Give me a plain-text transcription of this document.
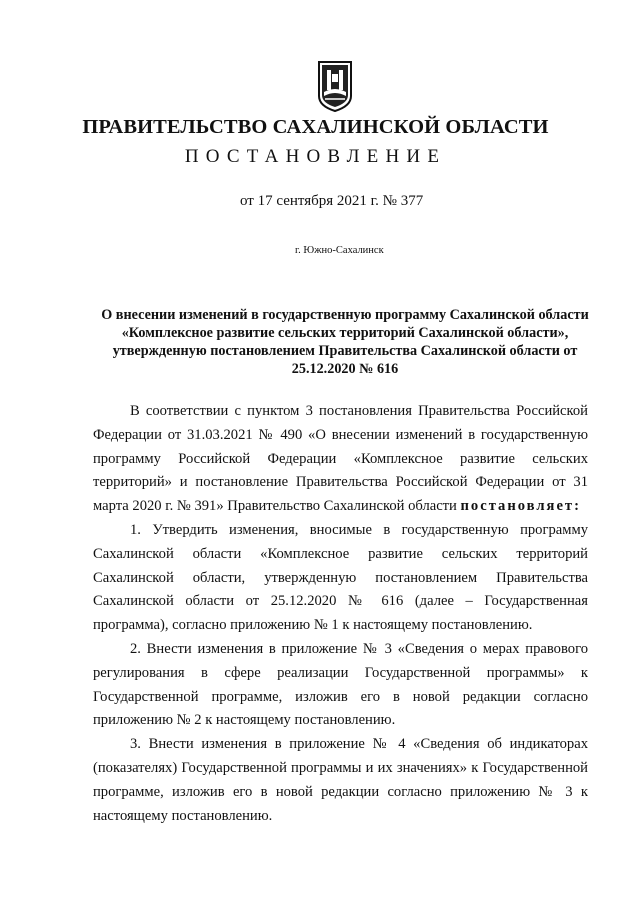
ПРАВИТЕЛЬСТВО САХАЛИНСКОЙ ОБЛАСТИ
ПОСТАНОВЛЕНИЕ
от 17 сентября 2021 г. № 377
г. Южно-Сахалинск
О внесении изменений в государственную программу Сахалинской области «Комплексное развитие сельских территорий Сахалинской области», утвержденную постановлением Правительства Сахалинской области от 25.12.2020 № 616

В соответствии с пунктом 3 постановления Правительства Российской Федерации от 31.03.2021 № 490 «О внесении изменений в государственную программу Российской Федерации «Комплексное развитие сельских территорий» и постановление Правительства Российской Федерации от 31 марта 2020 г. № 391» Правительство Сахалинской области постановляет:

1. Утвердить изменения, вносимые в государственную программу Сахалинской области «Комплексное развитие сельских территорий Сахалинской области, утвержденную постановлением Правительства Сахалинской области от 25.12.2020 № 616 (далее – Государственная программа), согласно приложению № 1 к настоящему постановлению.

2. Внести изменения в приложение № 3 «Сведения о мерах правового регулирования в сфере реализации Государственной программы» к Государственной программе, изложив его в новой редакции согласно приложению № 2 к настоящему постановлению.

3. Внести изменения в приложение № 4 «Сведения об индикаторах (показателях) Государственной программы и их значениях» к Государственной программе, изложив его в новой редакции согласно приложению № 3 к настоящему постановлению.
